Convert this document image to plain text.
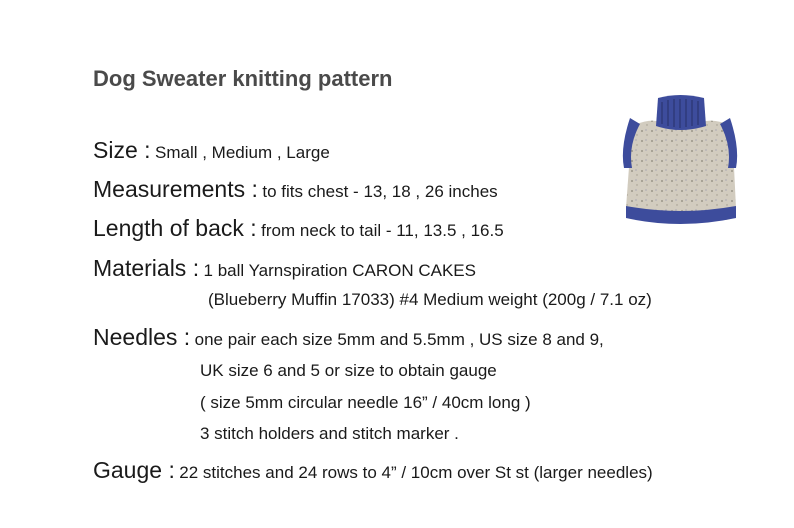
Dog Sweater knitting pattern
Size : Small , Medium , Large
Measurements : to fits chest - 13, 18 , 26 inches
Length of back : from neck to tail - 11, 13.5 , 16.5
Materials : 1 ball Yarnspiration CARON CAKES
(Blueberry Muffin 17033) #4 Medium weight (200g / 7.1 oz)
Needles : one pair each size 5mm and 5.5mm , US size 8 and 9,
UK size 6 and 5 or size to obtain gauge
( size 5mm circular needle 16” / 40cm long )
3 stitch holders and stitch marker .
Gauge : 22 stitches and 24 rows to 4” / 10cm over St st (larger needles)
